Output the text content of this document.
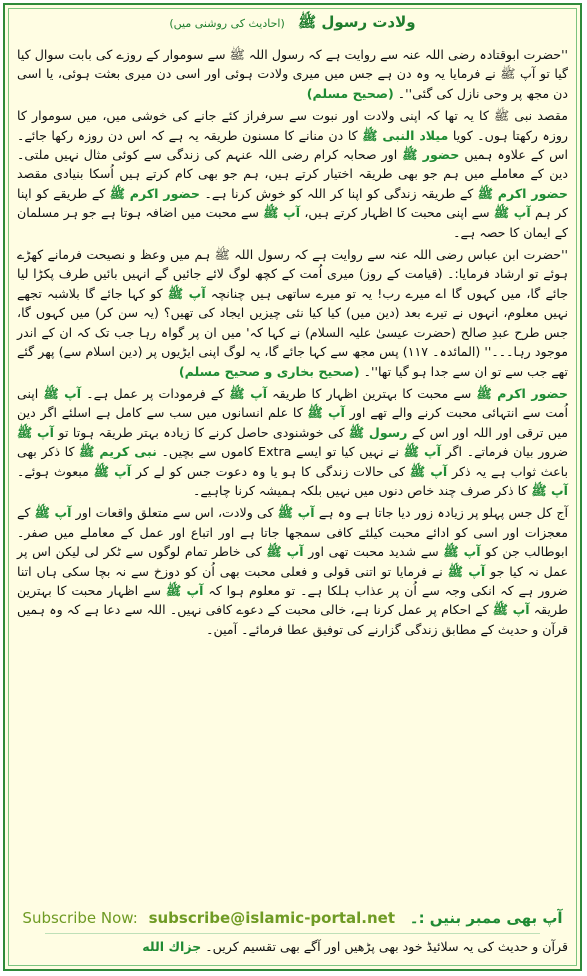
ولادت رسول ﷺ (احادیث کی روشنی میں)

''حضرت ابوقتادہ رضی اللہ عنہ سے روایت ہے کہ رسول اللہ ﷺ سے سوموار کے روزے کی بابت سوال کیا گیا تو آپ ﷺ نے فرمایا یہ وہ دن ہے جس میں میری ولادت ہوئی اور اسی دن میری بعثت ہوئی، یا اسی دن مجھ پر وحی نازل کی گئی''۔ (صحیح مسلم)

مقصد نبی ﷺ کا یہ تھا کہ اپنی ولادت اور نبوت سے سرفراز کئے جانے کی خوشی میں، میں سوموار کا روزہ رکھتا ہوں۔ کویا میلاد النبی ﷺ کا دن منانے کا مسنون طریقہ یہ ہے کہ اس دن روزہ رکھا جائے۔ اس کے علاوہ ہمیں حضور ﷺ اور صحابہ کرام رضی اللہ عنہم کی زندگی سے کوئی مثال نہیں ملتی۔ دین کے معاملے میں ہم جو بھی طریقہ اختیار کرتے ہیں، ہم جو بھی کام کرتے ہیں اُسکا بنیادی مقصد حضور اکرم ﷺ کے طریقہ زندگی کو اپنا کر اللہ کو خوش کرنا ہے۔ حضور اکرم ﷺ کے طریقے کو اپنا کر ہم آپ ﷺ سے اپنی محبت کا اظہار کرتے ہیں، آپ ﷺ سے محبت میں اضافہ ہوتا ہے جو ہر مسلمان کے ایمان کا حصہ ہے۔

''حضرت ابن عباس رضی اللہ عنہ سے روایت ہے کہ رسول اللہ ﷺ ہم میں وعظ و نصیحت فرمانے کھڑے ہوئے تو ارشاد فرمایا:۔ (قیامت کے روز) میری اُمت کے کچھ لوگ لائے جائیں گے انہیں بائیں طرف پکڑا لیا جائے گا، میں کہوں گا اے میرے رب! یہ تو میرے ساتھی ہیں چنانچہ آپ ﷺ کو کہا جائے گا بلاشبہ تجھے نہیں معلوم، انہوں نے تیرے بعد (دین میں) کیا کیا نئی چیزیں ایجاد کی تھیں؟ (یہ سن کر) میں کہوں گا، جس طرح عبدِ صالح (حضرت عیسیٰ علیہ السلام) نے کہا کہ' میں ان پر گواہ رہا جب تک کہ ان کے اندر موجود رہا۔۔۔'' (المائدہ۔ ۱۱۷) پس مجھ سے کہا جائے گا، یہ لوگ اپنی ایڑیوں پر (دین اسلام سے) پھر گئے تھے جب سے تو ان سے جدا ہو گیا تھا''۔ (صحیح بخاری و صحیح مسلم)

حضور اکرم ﷺ سے محبت کا بہترین اظہار کا طریقہ آپ ﷺ کے فرمودات پر عمل ہے۔ آپ ﷺ اپنی اُمت سے انتہائی محبت کرنے والے تھے اور آپ ﷺ کا علم انسانوں میں سب سے کامل ہے اسلئے اگر دین میں ترقی اور اللہ اور اس کے رسول ﷺ کی خوشنودی حاصل کرنے کا زیادہ بہتر طریقہ ہوتا تو آپ ﷺ ضرور بیان فرماتے۔ اگر آپ ﷺ نے نہیں کیا تو ایسے Extra کاموں سے بچیں۔ نبی کریم ﷺ کا ذکر بھی باعث ثواب ہے یہ ذکر آپ ﷺ کی حالات زندگی کا ہو یا وہ دعوت جس کو لے کر آپ ﷺ مبعوث ہوئے۔ آپ ﷺ کا ذکر صرف چند خاص دنوں میں نہیں بلکہ ہمیشہ کرنا چاہیے۔

آج کل جس پہلو پر زیادہ زور دیا جاتا ہے وہ ہے آپ ﷺ کی ولادت، اس سے متعلق واقعات اور آپ ﷺ کے معجزات اور اسی کو ادائے محبت کیلئے کافی سمجھا جاتا ہے اور اتباع اور عمل کے معاملے میں صفر۔ ابوطالب جن کو آپ ﷺ سے شدید محبت تھی اور آپ ﷺ کی خاطر تمام لوگوں سے ٹکر لی لیکن اس پر عمل نہ کیا جو آپ ﷺ نے فرمایا تو اتنی قولی و فعلی محبت بھی اُن کو دوزخ سے نہ بچا سکی ہاں اتنا ضرور ہے کہ انکی وجہ سے اُن پر عذاب ہلکا ہے۔ تو معلوم ہوا کہ آپ ﷺ سے اظہار محبت کا بہترین طریقہ آپ ﷺ کے احکام پر عمل کرنا ہے، خالی محبت کے دعوے کافی نہیں۔ اللہ سے دعا ہے کہ وہ ہمیں قرآن و حدیث کے مطابق زندگی گزارنے کی توفیق عطا فرمائے۔ آمین۔

Subscribe Now: subscribe@islamic-portal.net آپ بھی ممبر بنیں :۔
قرآن و حدیث کی یہ سلائیڈ خود بھی پڑھیں اور آگے بھی تقسیم کریں۔ جزاك الله
